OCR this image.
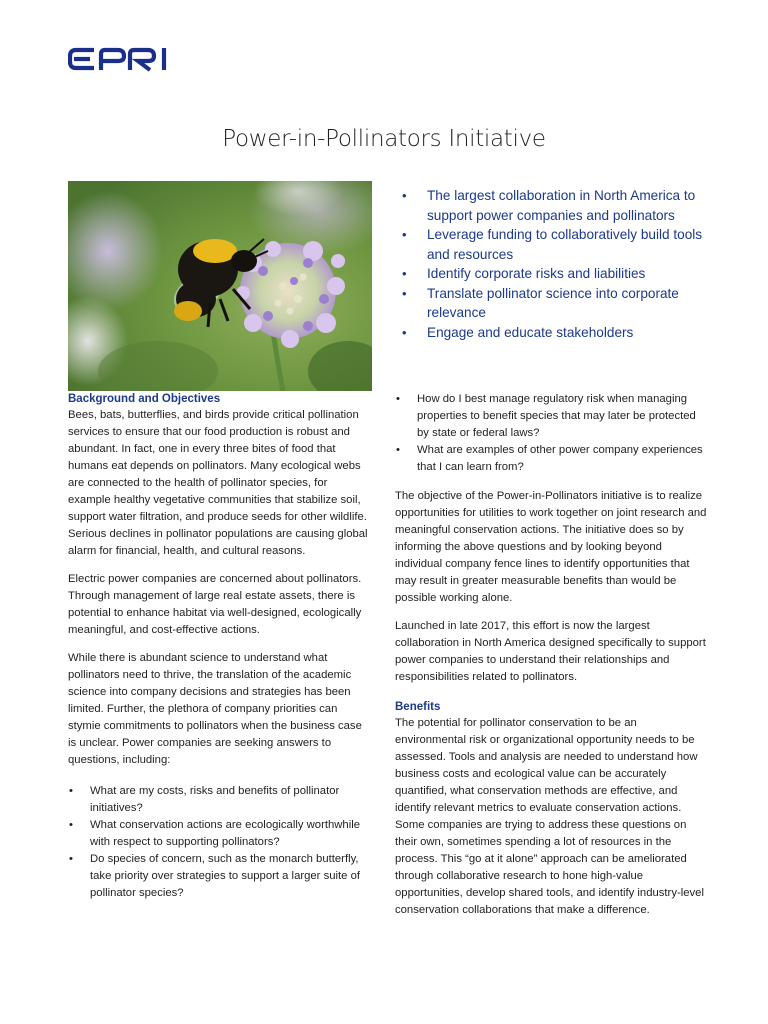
Power-in-Pollinators Initiative
• The largest collaboration in North America to support power companies and pollinators
• Leverage funding to collaboratively build tools and resources
• Identify corporate risks and liabilities
• Translate pollinator science into corporate relevance
• Engage and educate stakeholders
Background and Objectives

Bees, bats, butterflies, and birds provide critical pollination services to ensure that our food production is robust and abundant. In fact, one in every three bites of food that humans eat depends on pollinators. Many ecological webs are connected to the health of pollinator species, for example healthy vegetative communities that stabilize soil, support water filtration, and produce seeds for other wildlife. Serious declines in pollinator populations are causing global alarm for financial, health, and cultural reasons.

Electric power companies are concerned about pollinators. Through management of large real estate assets, there is potential to enhance habitat via well-designed, ecologically meaningful, and cost-effective actions.

While there is abundant science to understand what pollinators need to thrive, the translation of the academic science into company decisions and strategies has been limited. Further, the plethora of company priorities can stymie commitments to pollinators when the business case is unclear. Power companies are seeking answers to questions, including:

• What are my costs, risks and benefits of pollinator initiatives?
• What conservation actions are ecologically worthwhile with respect to supporting pollinators?
• Do species of concern, such as the monarch butterfly, take priority over strategies to support a larger suite of pollinator species?
• How do I best manage regulatory risk when managing properties to benefit species that may later be protected by state or federal laws?
• What are examples of other power company experiences that I can learn from?

The objective of the Power-in-Pollinators initiative is to realize opportunities for utilities to work together on joint research and meaningful conservation actions. The initiative does so by informing the above questions and by looking beyond individual company fence lines to identify opportunities that may result in greater measurable benefits than would be possible working alone.

Launched in late 2017, this effort is now the largest collaboration in North America designed specifically to support power companies to understand their relationships and responsibilities related to pollinators.

Benefits

The potential for pollinator conservation to be an environmental risk or organizational opportunity needs to be assessed. Tools and analysis are needed to understand how business costs and ecological value can be accurately quantified, what conservation methods are effective, and identify relevant metrics to evaluate conservation actions. Some companies are trying to address these questions on their own, sometimes spending a lot of resources in the process. This “go at it alone” approach can be ameliorated through collaborative research to hone high-value opportunities, develop shared tools, and identify industry-level conservation collaborations that make a difference.
